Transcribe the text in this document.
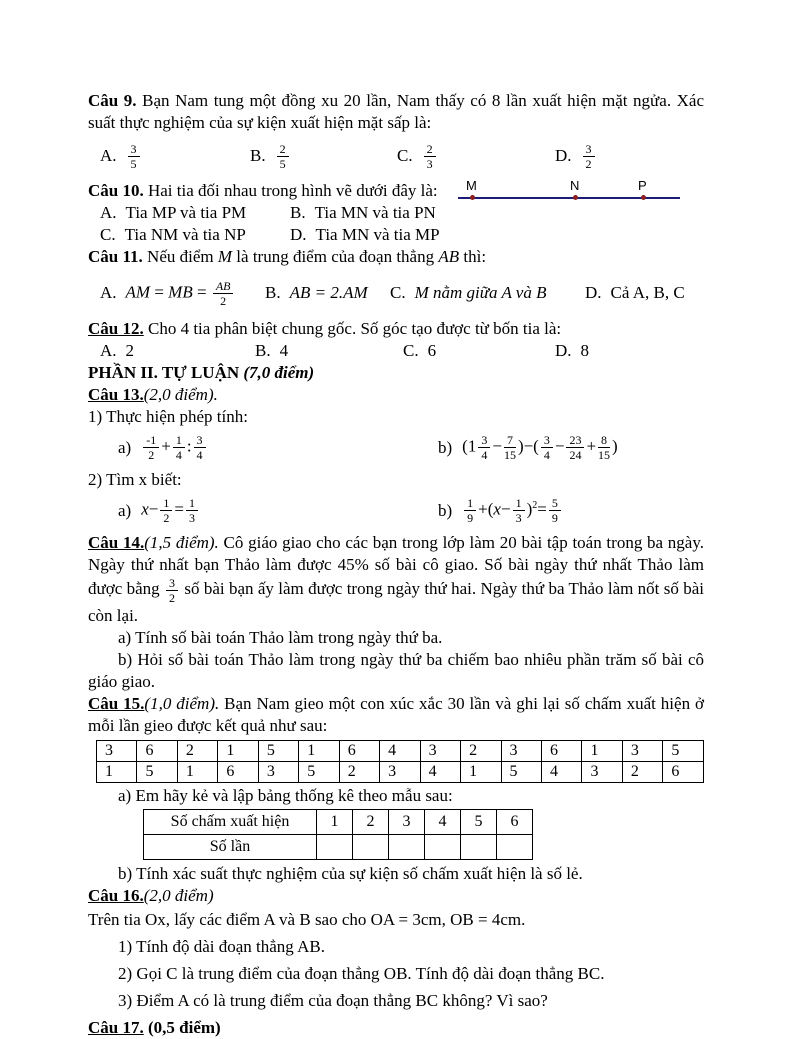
Câu 9. Bạn Nam tung một đồng xu 20 lần, Nam thấy có 8 lần xuất hiện mặt ngửa. Xác suất thực nghiệm của sự kiện xuất hiện mặt sấp là:

A. $\frac{3}{5}$	B. $\frac{2}{5}$	C. $\frac{2}{3}$	D. $\frac{3}{2}$

Câu 10. Hai tia đối nhau trong hình vẽ dưới đây là:	M	N	P
A. Tia MP và tia PM	B. Tia MN và tia PN
C. Tia NM và tia NP	D. Tia MN và tia MP

Câu 11. Nếu điểm M là trung điểm của đoạn thẳng AB thì:

A. AM = MB = $\frac{AB}{2} B$. AB = 2.AM C. M nằm giữa A và B D. Cả A, B, C

Câu 12. Cho 4 tia phân biệt chung gốc. Số góc tạo được từ bốn tia là:

A. 2	B. 4	C. 6	D. 8

PHẦN II. TỰ LUẬN (7,0 điểm)

Câu 13.(2,0 điểm).

1) Thực hiện phép tính:

$a) \frac{-1}{2} + \frac{1}{4}$ : $\frac{3}{4}$	b) ($1 \frac{3}{4} - \frac{7}{15}$ )−( $\frac{3}{4} - \frac{23}{24} + \frac{8}{15}$ )

2) Tìm x biết:

a) $x- \frac{1}{2} = \frac{1}{3}$	$b) \frac{1}{9} +(x- \frac{1}{3} )^2= \frac{5}{9}$

Câu 14.(1,5 điểm). Cô giáo giao cho các bạn trong lớp làm 20 bài tập toán trong ba ngày. Ngày thứ nhất bạn Thảo làm được 45% số bài cô giao. Số bài ngày thứ nhất Thảo làm được bằng $\frac{3}{2}$ số bài bạn ấy làm được trong ngày thứ hai. Ngày thứ ba Thảo làm nốt số bài còn lại.

a) Tính số bài toán Thảo làm trong ngày thứ ba.

b) Hỏi số bài toán Thảo làm trong ngày thứ ba chiếm bao nhiêu phần trăm số bài cô giáo giao.

Câu 15.(1,0 điểm). Bạn Nam gieo một con xúc xắc 30 lần và ghi lại số chấm xuất hiện ở mỗi lần gieo được kết quả như sau:

3	6	2	1	5	1	6	4	3	2	3	6	1	3	5
1	5	1	6	3	5	2	3	4	1	5	4	3	2	6

a) Em hãy kẻ và lập bảng thống kê theo mẫu sau:

Số chấm xuất hiện	1	2	3	4	5	6
Số lần						

b) Tính xác suất thực nghiệm của sự kiện số chấm xuất hiện là số lẻ.

Câu 16.(2,0 điểm)

Trên tia Ox, lấy các điểm A và B sao cho OA = 3cm, OB = 4cm.

1) Tính độ dài đoạn thẳng AB.

2) Gọi C là trung điểm của đoạn thẳng OB. Tính độ dài đoạn thẳng BC.

3) Điểm A có là trung điểm của đoạn thẳng BC không? Vì sao?

Câu 17. (0,5 điểm)
